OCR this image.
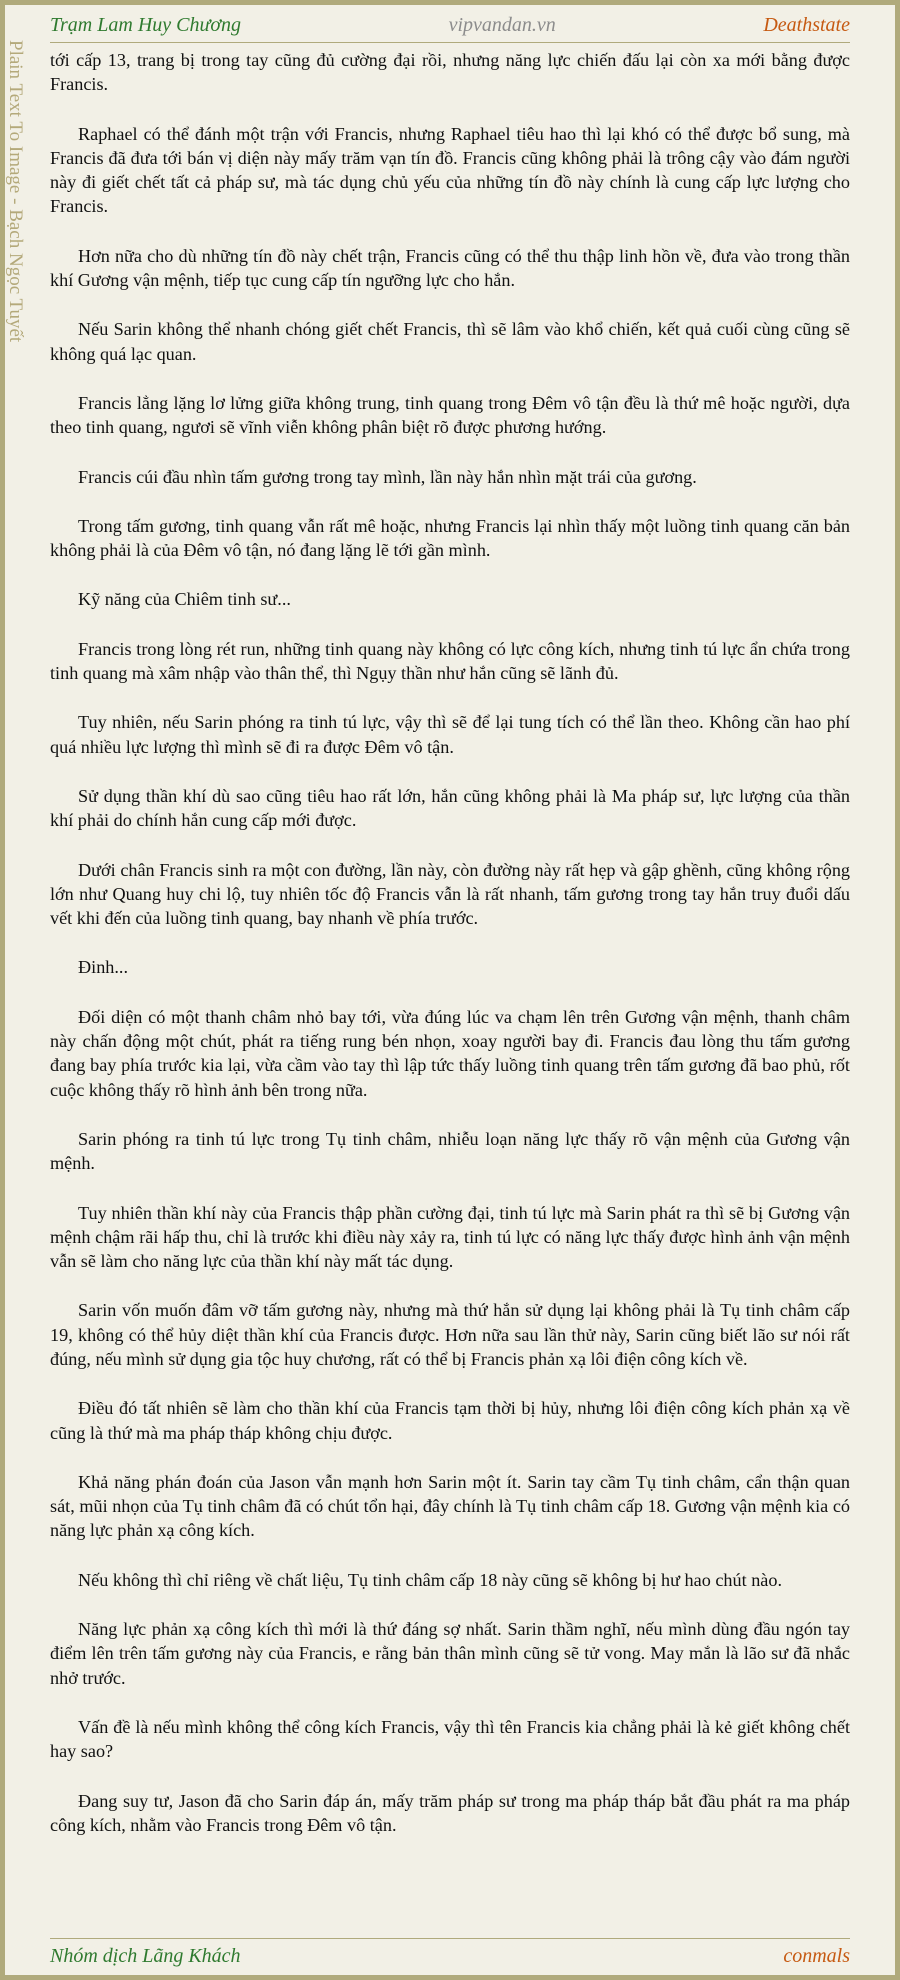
Trạm Lam Huy Chương	vipvandan.vn	Deathstate
Plain Text To Image - Bạch Ngọc Tuyết tới cấp 13, trang bị trong tay cũng đủ cường đại rồi, nhưng năng lực chiến đấu lại còn xa mới bằng được Francis.

Raphael có thể đánh một trận với Francis, nhưng Raphael tiêu hao thì lại khó có thể được bổ sung, mà Francis đã đưa tới bán vị diện này mấy trăm vạn tín đồ. Francis cũng không phải là trông cậy vào đám người này đi giết chết tất cả pháp sư, mà tác dụng chủ yếu của những tín đồ này chính là cung cấp lực lượng cho Francis.

Hơn nữa cho dù những tín đồ này chết trận, Francis cũng có thể thu thập linh hồn về, đưa vào trong thần khí Gương vận mệnh, tiếp tục cung cấp tín ngưỡng lực cho hắn.

Nếu Sarin không thể nhanh chóng giết chết Francis, thì sẽ lâm vào khổ chiến, kết quả cuối cùng cũng sẽ không quá lạc quan.

Francis lẳng lặng lơ lửng giữa không trung, tinh quang trong Đêm vô tận đều là thứ mê hoặc người, dựa theo tinh quang, ngươi sẽ vĩnh viễn không phân biệt rõ được phương hướng.

Francis cúi đầu nhìn tấm gương trong tay mình, lần này hắn nhìn mặt trái của gương.

Trong tấm gương, tinh quang vẫn rất mê hoặc, nhưng Francis lại nhìn thấy một luồng tinh quang căn bản không phải là của Đêm vô tận, nó đang lặng lẽ tới gần mình.

Kỹ năng của Chiêm tinh sư...

Francis trong lòng rét run, những tinh quang này không có lực công kích, nhưng tinh tú lực ẩn chứa trong tinh quang mà xâm nhập vào thân thể, thì Ngụy thần như hắn cũng sẽ lãnh đủ.

Tuy nhiên, nếu Sarin phóng ra tinh tú lực, vậy thì sẽ để lại tung tích có thể lần theo. Không cần hao phí quá nhiều lực lượng thì mình sẽ đi ra được Đêm vô tận.

Sử dụng thần khí dù sao cũng tiêu hao rất lớn, hắn cũng không phải là Ma pháp sư, lực lượng của thần khí phải do chính hắn cung cấp mới được.

Dưới chân Francis sinh ra một con đường, lần này, còn đường này rất hẹp và gập ghềnh, cũng không rộng lớn như Quang huy chi lộ, tuy nhiên tốc độ Francis vẫn là rất nhanh, tấm gương trong tay hắn truy đuổi dấu vết khi đến của luồng tinh quang, bay nhanh về phía trước.

Đinh...

Đối diện có một thanh châm nhỏ bay tới, vừa đúng lúc va chạm lên trên Gương vận mệnh, thanh châm này chấn động một chút, phát ra tiếng rung bén nhọn, xoay người bay đi. Francis đau lòng thu tấm gương đang bay phía trước kia lại, vừa cầm vào tay thì lập tức thấy luồng tinh quang trên tấm gương đã bao phủ, rốt cuộc không thấy rõ hình ảnh bên trong nữa.

Sarin phóng ra tinh tú lực trong Tụ tinh châm, nhiễu loạn năng lực thấy rõ vận mệnh của Gương vận mệnh.

Tuy nhiên thần khí này của Francis thập phần cường đại, tinh tú lực mà Sarin phát ra thì sẽ bị Gương vận mệnh chậm rãi hấp thu, chỉ là trước khi điều này xảy ra, tinh tú lực có năng lực thấy được hình ảnh vận mệnh vẫn sẽ làm cho năng lực của thần khí này mất tác dụng.

Sarin vốn muốn đâm vỡ tấm gương này, nhưng mà thứ hắn sử dụng lại không phải là Tụ tinh châm cấp 19, không có thể hủy diệt thần khí của Francis được. Hơn nữa sau lần thử này, Sarin cũng biết lão sư nói rất đúng, nếu mình sử dụng gia tộc huy chương, rất có thể bị Francis phản xạ lôi điện công kích về.

Điều đó tất nhiên sẽ làm cho thần khí của Francis tạm thời bị hủy, nhưng lôi điện công kích phản xạ về cũng là thứ mà ma pháp tháp không chịu được.

Khả năng phán đoán của Jason vẫn mạnh hơn Sarin một ít. Sarin tay cầm Tụ tinh châm, cẩn thận quan sát, mũi nhọn của Tụ tinh châm đã có chút tổn hại, đây chính là Tụ tinh châm cấp 18. Gương vận mệnh kia có năng lực phản xạ công kích.

Nếu không thì chỉ riêng về chất liệu, Tụ tinh châm cấp 18 này cũng sẽ không bị hư hao chút nào.

Năng lực phản xạ công kích thì mới là thứ đáng sợ nhất. Sarin thầm nghĩ, nếu mình dùng đầu ngón tay điểm lên trên tấm gương này của Francis, e rằng bản thân mình cũng sẽ tử vong. May mắn là lão sư đã nhắc nhở trước.

Vấn đề là nếu mình không thể công kích Francis, vậy thì tên Francis kia chẳng phải là kẻ giết không chết hay sao?

Đang suy tư, Jason đã cho Sarin đáp án, mấy trăm pháp sư trong ma pháp tháp bắt đầu phát ra ma pháp công kích, nhằm vào Francis trong Đêm vô tận.

Nhóm dịch Lãng Khách	conmals
